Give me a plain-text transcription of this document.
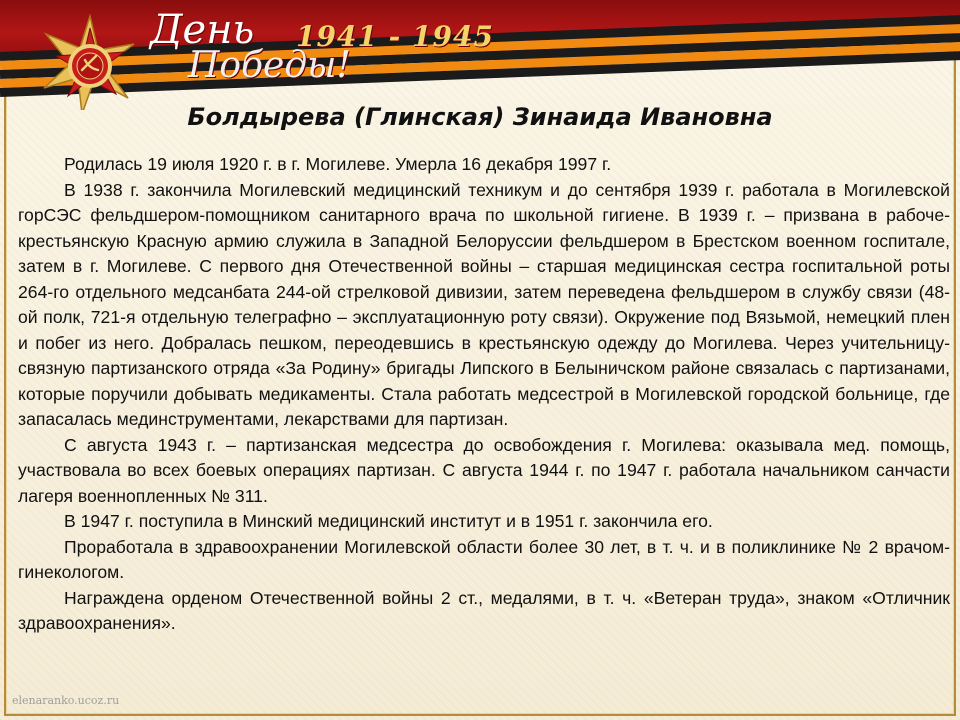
День
Победы!
1941 - 1945
Болдырева (Глинская) Зинаида Ивановна

Родилась 19 июля 1920 г. в г. Могилеве. Умерла 16 декабря 1997 г.

В 1938 г. закончила Могилевский медицинский техникум и до сентября 1939 г. работала в Могилевской горСЭС фельдшером-помощником санитарного врача по школьной гигиене. В 1939 г. – призвана в рабоче-крестьянскую Красную армию служила в Западной Белоруссии фельдшером в Брестском военном госпитале, затем в г. Могилеве. С первого дня Отечественной войны – старшая медицинская сестра госпитальной роты 264-го отдельного медсанбата 244-ой стрелковой дивизии, затем переведена фельдшером в службу связи (48-ой полк, 721-я отдельную телеграфно – эксплуатационную роту связи). Окружение под Вязьмой, немецкий плен и побег из него. Добралась пешком, переодевшись в крестьянскую одежду до Могилева. Через учительницу-связную партизанского отряда «За Родину» бригады Липского в Белыничском районе связалась с партизанами, которые поручили добывать медикаменты. Стала работать медсестрой в Могилевской городской больнице, где запасалась мединструментами, лекарствами для партизан.

С августа 1943 г. – партизанская медсестра до освобождения г. Могилева: оказывала мед. помощь, участвовала во всех боевых операциях партизан. С августа 1944 г. по 1947 г. работала начальником санчасти лагеря военнопленных № 311.

В 1947 г. поступила в Минский медицинский институт и в 1951 г. закончила его.

Проработала в здравоохранении Могилевской области более 30 лет, в т. ч. и в поликлинике № 2 врачом-гинекологом.

Награждена орденом Отечественной войны 2 ст., медалями, в т. ч. «Ветеран труда», знаком «Отличник здравоохранения».

elenaranko.ucoz.ru
